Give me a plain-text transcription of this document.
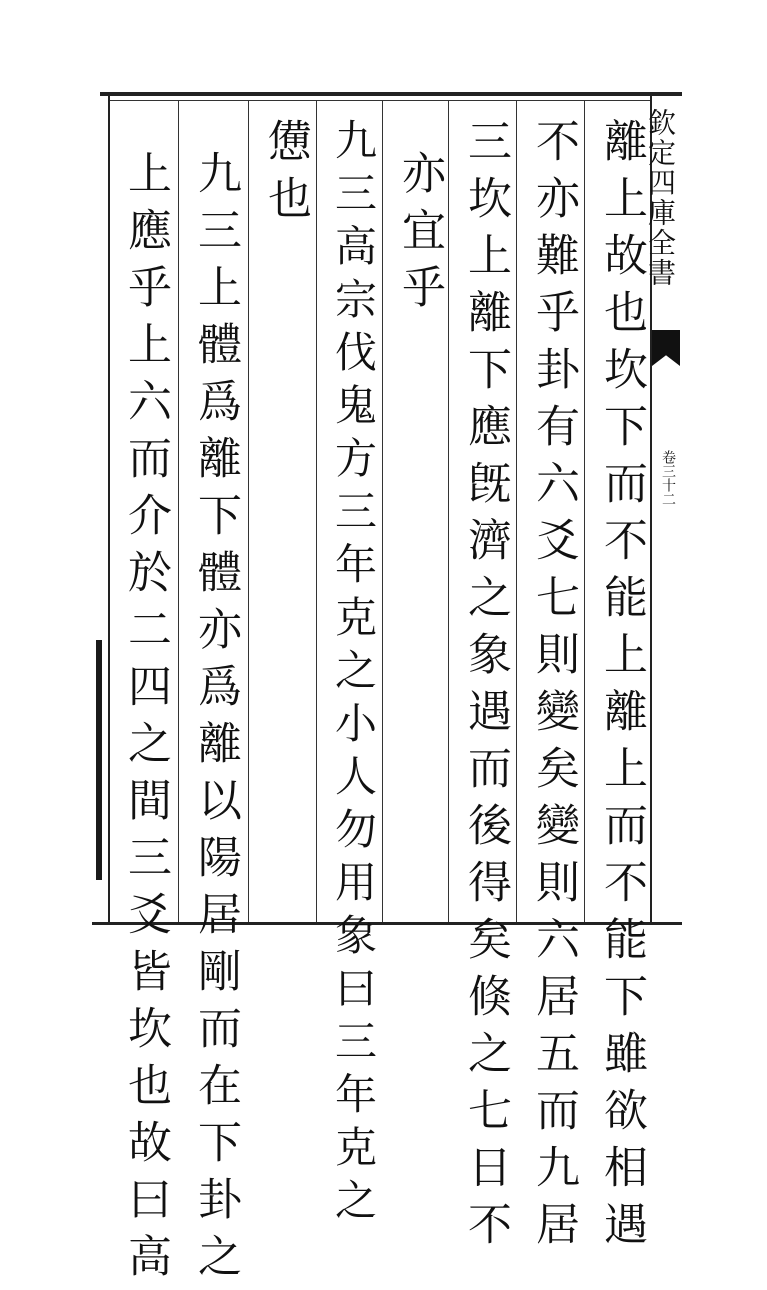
欽定四庫全書
卷三十二
離上故也坎下而不能上離上而不能下雖欲相遇
不亦難乎卦有六爻七則變矣變則六居五而九居
三坎上離下應旣濟之象遇而後得矣倏之七日不
亦宜乎
九三高宗伐鬼方三年克之小人勿用象曰三年克之
憊也
九三上體爲離下體亦爲離以陽居剛而在下卦之
上應乎上六而介於二四之間三爻皆坎也故曰高
